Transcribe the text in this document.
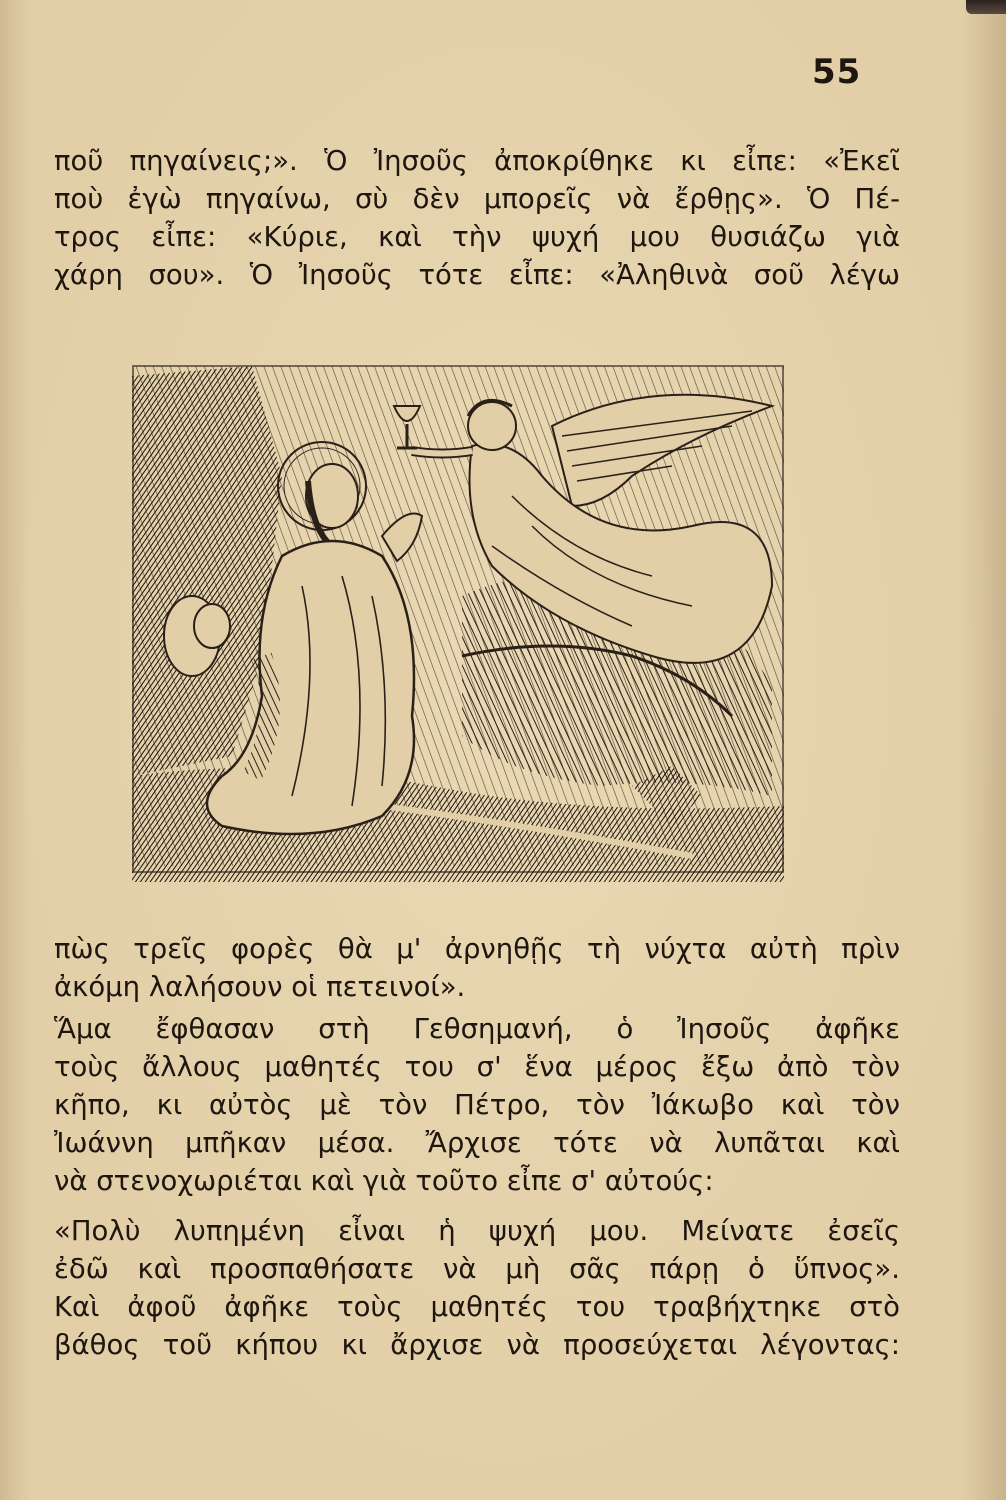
55
ποῦ πηγαίνεις;». Ὁ Ἰησοῦς ἀποκρίθηκε κι εἶπε: «Ἐκεῖ
ποὺ ἐγὼ πηγαίνω, σὺ δὲν μπορεῖς νὰ ἔρθῃς». Ὁ Πέ-
τρος εἶπε: «Κύριε, καὶ τὴν ψυχή μου θυσιάζω γιὰ
χάρη σου». Ὁ Ἰησοῦς τότε εἶπε: «Ἀληθινὰ σοῦ λέγω
πὼς τρεῖς φορὲς θὰ μ' ἀρνηθῇς τὴ νύχτα αὐτὴ πρὶν
ἀκόμη λαλήσουν οἱ πετεινοί».
Ἅμα ἔφθασαν στὴ Γεθσημανή, ὁ Ἰησοῦς ἀφῆκε
τοὺς ἄλλους μαθητές του σ' ἕνα μέρος ἔξω ἀπὸ τὸν
κῆπο, κι αὐτὸς μὲ τὸν Πέτρο, τὸν Ἰάκωβο καὶ τὸν
Ἰωάννη μπῆκαν μέσα. Ἄρχισε τότε νὰ λυπᾶται καὶ
νὰ στενοχωριέται καὶ γιὰ τοῦτο εἶπε σ' αὐτούς:
«Πολὺ λυπημένη εἶναι ἡ ψυχή μου. Μείνατε ἐσεῖς
ἐδῶ καὶ προσπαθήσατε νὰ μὴ σᾶς πάρῃ ὁ ὕπνος».
Καὶ ἀφοῦ ἀφῆκε τοὺς μαθητές του τραβήχτηκε στὸ
βάθος τοῦ κήπου κι ἄρχισε νὰ προσεύχεται λέγοντας:
